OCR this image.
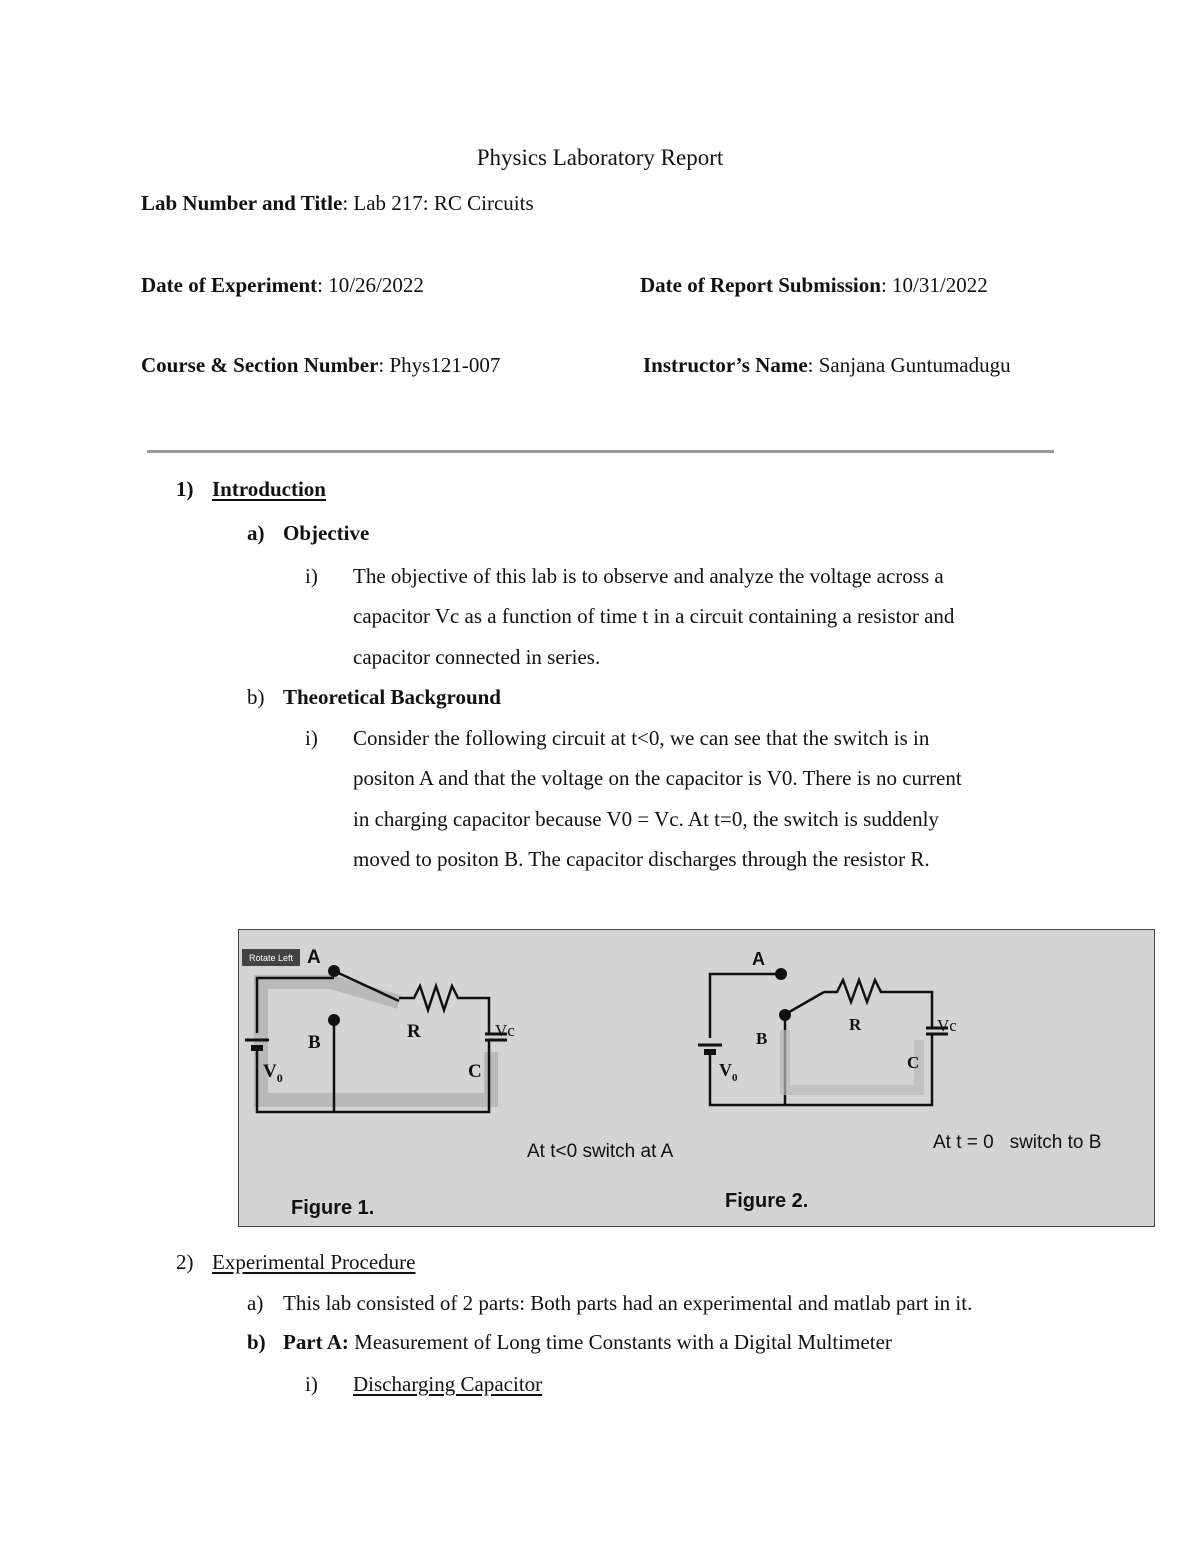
Physics Laboratory Report
Lab Number and Title: Lab 217: RC Circuits
Date of Experiment: 10/26/2022	Date of Report Submission: 10/31/2022
Course & Section Number: Phys121-007	Instructor’s Name: Sanjana Guntumadugu
1) Introduction
a) Objective
i) The objective of this lab is to observe and analyze the voltage across a
capacitor Vc as a function of time t in a circuit containing a resistor and
capacitor connected in series.
b) Theoretical Background
i) Consider the following circuit at t<0, we can see that the switch is in
positon A and that the voltage on the capacitor is V0. There is no current
in charging capacitor because V0 = Vc. At t=0, the switch is suddenly
moved to positon B. The capacitor discharges through the resistor R.
Rotate Left A
B
R
C
Vc
$V_0$
A
B
R
C
Vc
$V_0$
At t<0 switch at A	At t = 0   switch to B
Figure 1.	Figure 2.
2) Experimental Procedure
a) This lab consisted of 2 parts: Both parts had an experimental and matlab part in it.
b) Part A: Measurement of Long time Constants with a Digital Multimeter
i) Discharging Capacitor
